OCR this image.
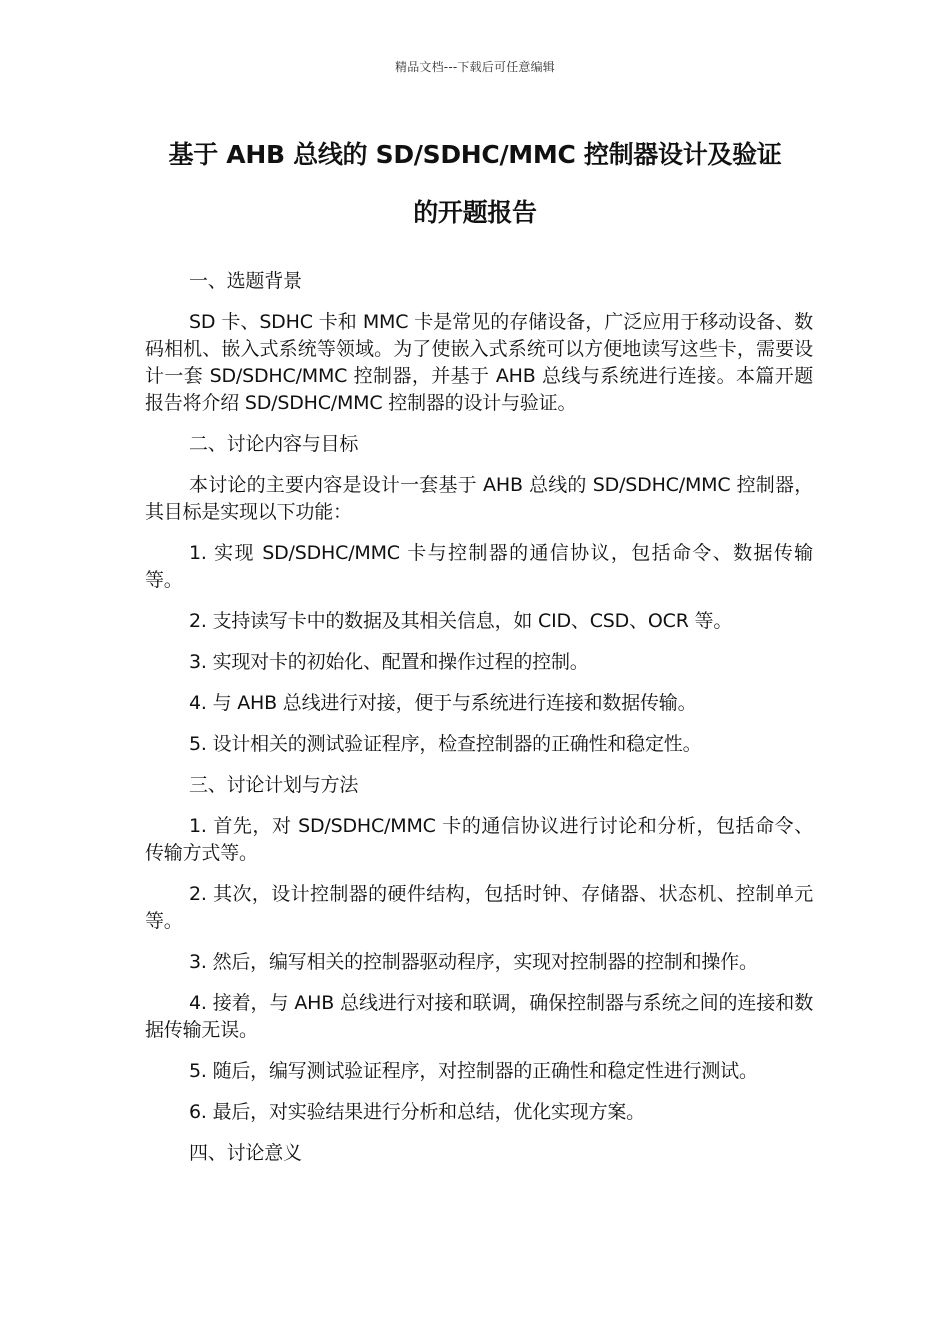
精品文档---下载后可任意编辑
基于 AHB 总线的 SD/SDHC/MMC 控制器设计及验证
的开题报告

一、选题背景

SD 卡、SDHC 卡和 MMC 卡是常见的存储设备，广泛应用于移动设备、数码相机、嵌入式系统等领域。为了使嵌入式系统可以方便地读写这些卡，需要设计一套 SD/SDHC/MMC 控制器，并基于 AHB 总线与系统进行连接。本篇开题报告将介绍 SD/SDHC/MMC 控制器的设计与验证。

二、讨论内容与目标

本讨论的主要内容是设计一套基于 AHB 总线的 SD/SDHC/MMC 控制器，其目标是实现以下功能：

1. 实现 SD/SDHC/MMC 卡与控制器的通信协议，包括命令、数据传输等。

2. 支持读写卡中的数据及其相关信息，如 CID、CSD、OCR 等。

3. 实现对卡的初始化、配置和操作过程的控制。

4. 与 AHB 总线进行对接，便于与系统进行连接和数据传输。

5. 设计相关的测试验证程序，检查控制器的正确性和稳定性。

三、讨论计划与方法

1. 首先，对 SD/SDHC/MMC 卡的通信协议进行讨论和分析，包括命令、传输方式等。

2. 其次，设计控制器的硬件结构，包括时钟、存储器、状态机、控制单元等。

3. 然后，编写相关的控制器驱动程序，实现对控制器的控制和操作。

4. 接着，与 AHB 总线进行对接和联调，确保控制器与系统之间的连接和数据传输无误。

5. 随后，编写测试验证程序，对控制器的正确性和稳定性进行测试。

6. 最后，对实验结果进行分析和总结，优化实现方案。

四、讨论意义
